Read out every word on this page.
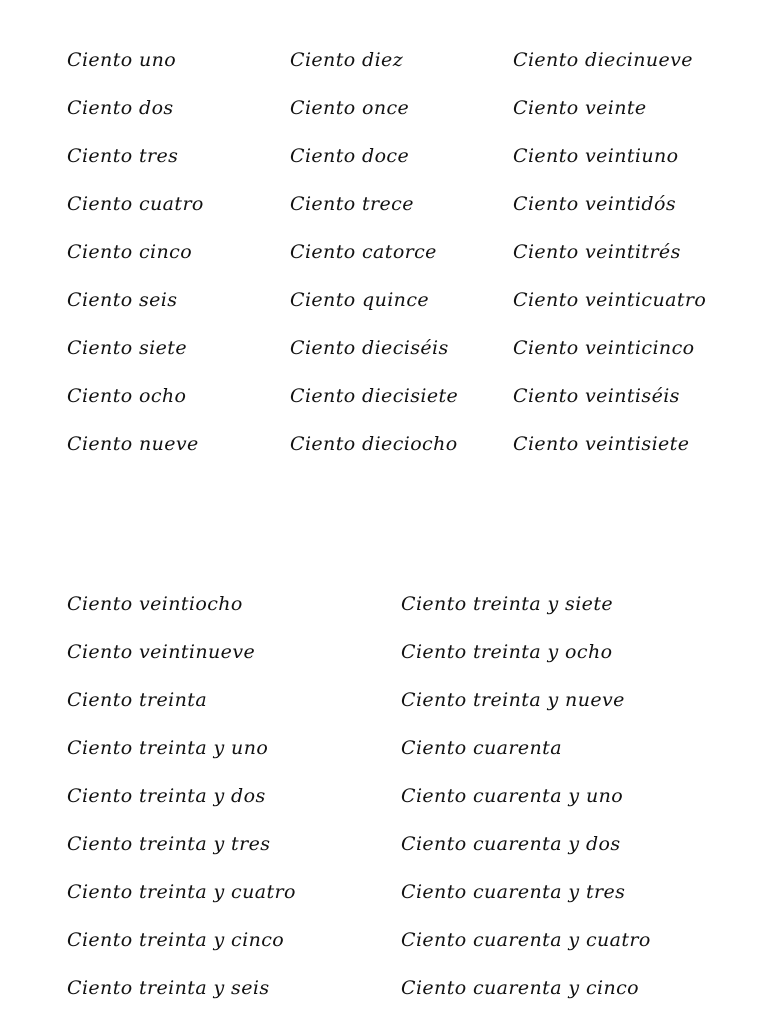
Ciento uno
Ciento dos
Ciento tres
Ciento cuatro
Ciento cinco
Ciento seis
Ciento siete
Ciento ocho
Ciento nueve
Ciento diez
Ciento once
Ciento doce
Ciento trece
Ciento catorce
Ciento quince
Ciento dieciséis
Ciento diecisiete
Ciento dieciocho
Ciento diecinueve
Ciento veinte
Ciento veintiuno
Ciento veintidós
Ciento veintitrés
Ciento veinticuatro
Ciento veinticinco
Ciento veintiséis
Ciento veintisiete
Ciento veintiocho
Ciento veintinueve
Ciento treinta
Ciento treinta y uno
Ciento treinta y dos
Ciento treinta y tres
Ciento treinta y cuatro
Ciento treinta y cinco
Ciento treinta y seis
Ciento treinta y siete
Ciento treinta y ocho
Ciento treinta y nueve
Ciento cuarenta
Ciento cuarenta y uno
Ciento cuarenta y dos
Ciento cuarenta y tres
Ciento cuarenta y cuatro
Ciento cuarenta y cinco
